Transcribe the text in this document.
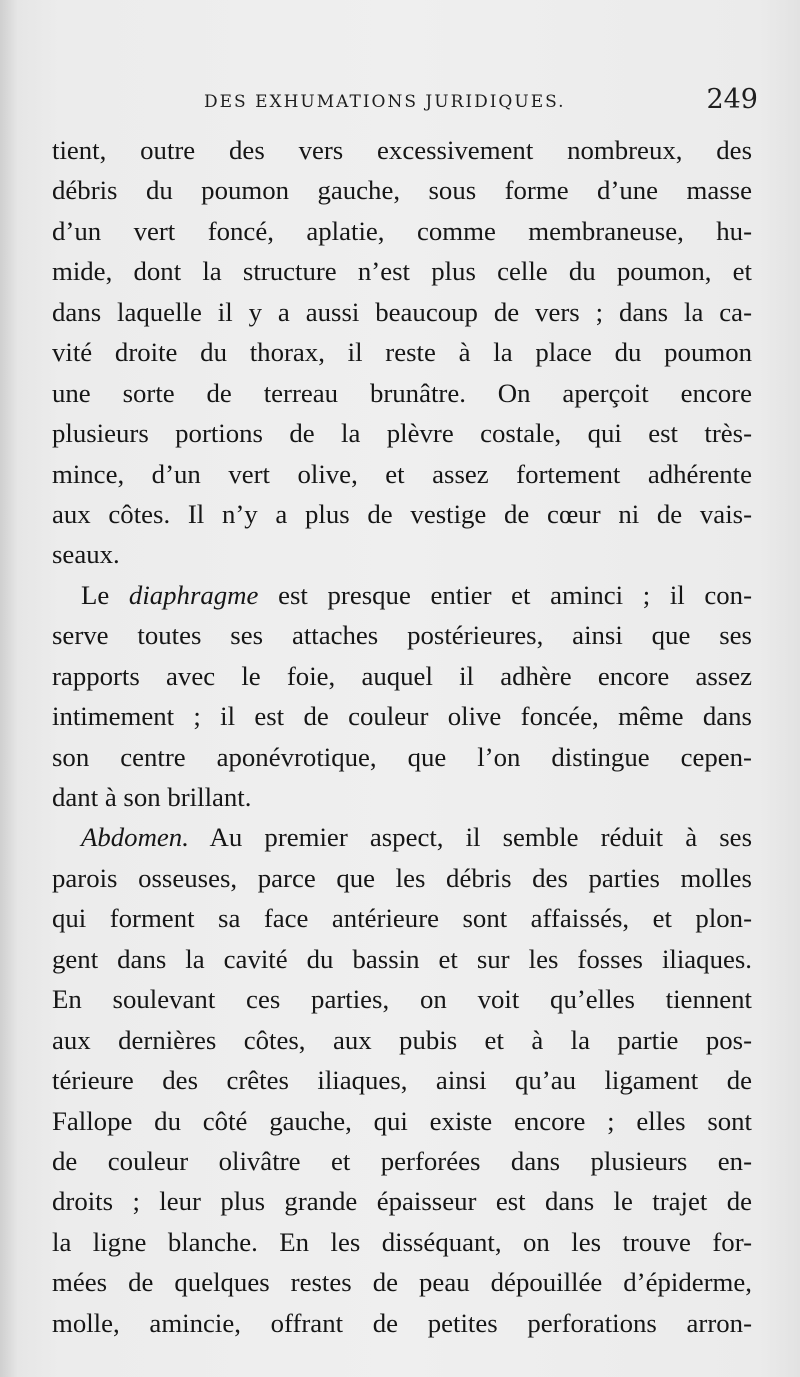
DES EXHUMATIONS JURIDIQUES.	249
tient, outre des vers excessivement nombreux, des
débris du poumon gauche, sous forme d’une masse
d’un vert foncé, aplatie, comme membraneuse, hu-
mide, dont la structure n’est plus celle du poumon, et
dans laquelle il y a aussi beaucoup de vers ; dans la ca-
vité droite du thorax, il reste à la place du poumon
une sorte de terreau brunâtre. On aperçoit encore
plusieurs portions de la plèvre costale, qui est très-
mince, d’un vert olive, et assez fortement adhérente
aux côtes. Il n’y a plus de vestige de cœur ni de vais-
seaux.
Le diaphragme est presque entier et aminci ; il con-
serve toutes ses attaches postérieures, ainsi que ses
rapports avec le foie, auquel il adhère encore assez
intimement ; il est de couleur olive foncée, même dans
son centre aponévrotique, que l’on distingue cepen-
dant à son brillant.
Abdomen. Au premier aspect, il semble réduit à ses
parois osseuses, parce que les débris des parties molles
qui forment sa face antérieure sont affaissés, et plon-
gent dans la cavité du bassin et sur les fosses iliaques.
En soulevant ces parties, on voit qu’elles tiennent
aux dernières côtes, aux pubis et à la partie pos-
térieure des crêtes iliaques, ainsi qu’au ligament de
Fallope du côté gauche, qui existe encore ; elles sont
de couleur olivâtre et perforées dans plusieurs en-
droits ; leur plus grande épaisseur est dans le trajet de
la ligne blanche. En les disséquant, on les trouve for-
mées de quelques restes de peau dépouillée d’épiderme,
molle, amincie, offrant de petites perforations arron-
